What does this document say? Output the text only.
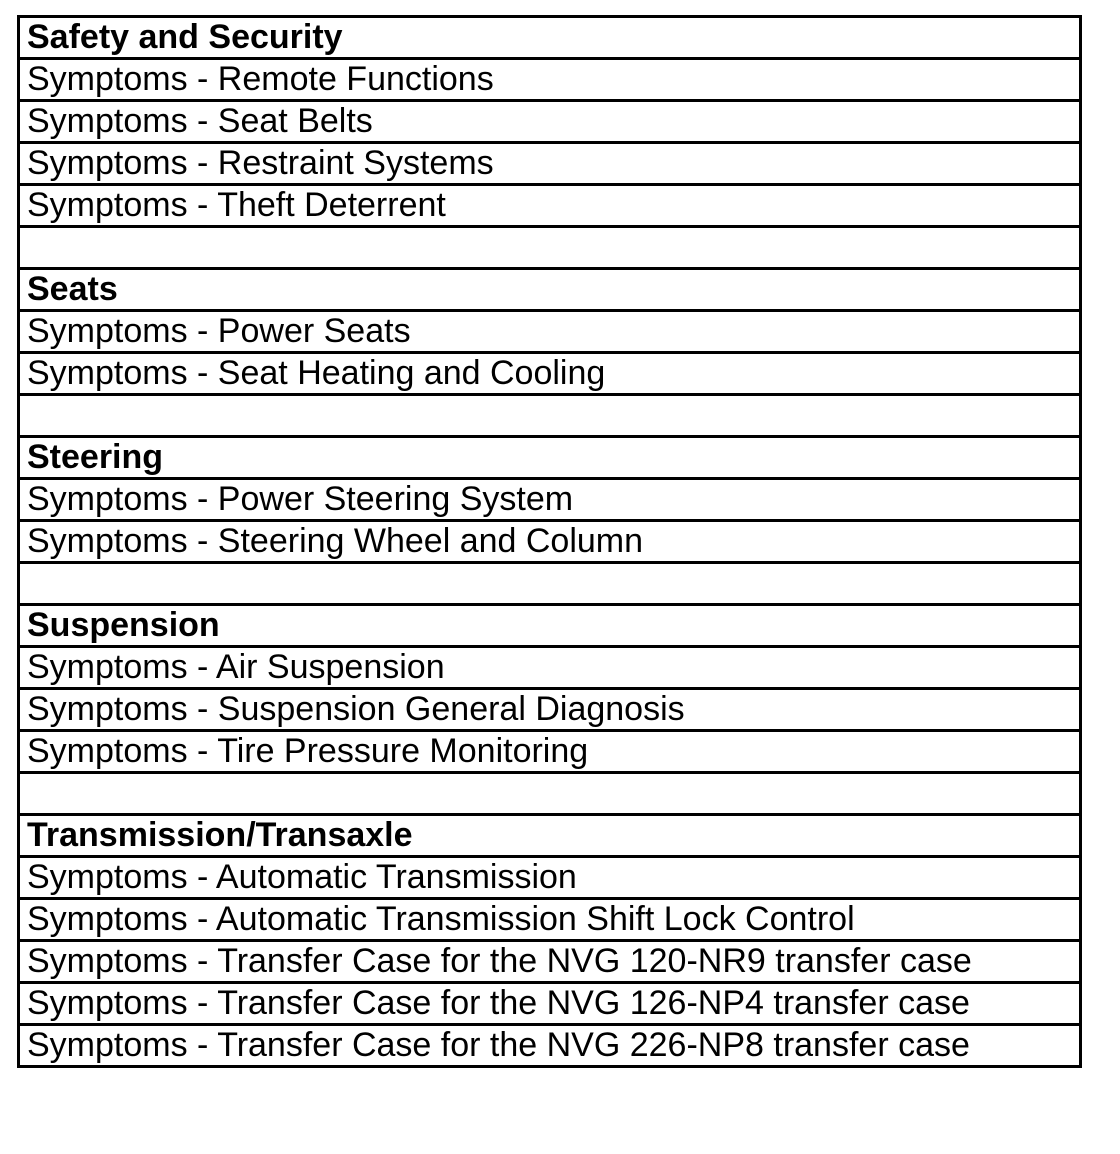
Safety and Security
Symptoms - Remote Functions
Symptoms - Seat Belts
Symptoms - Restraint Systems
Symptoms - Theft Deterrent

Seats
Symptoms - Power Seats
Symptoms - Seat Heating and Cooling

Steering
Symptoms - Power Steering System
Symptoms - Steering Wheel and Column

Suspension
Symptoms - Air Suspension
Symptoms - Suspension General Diagnosis
Symptoms - Tire Pressure Monitoring

Transmission/Transaxle
Symptoms - Automatic Transmission
Symptoms - Automatic Transmission Shift Lock Control
Symptoms - Transfer Case for the NVG 120-NR9 transfer case
Symptoms - Transfer Case for the NVG 126-NP4 transfer case
Symptoms - Transfer Case for the NVG 226-NP8 transfer case
